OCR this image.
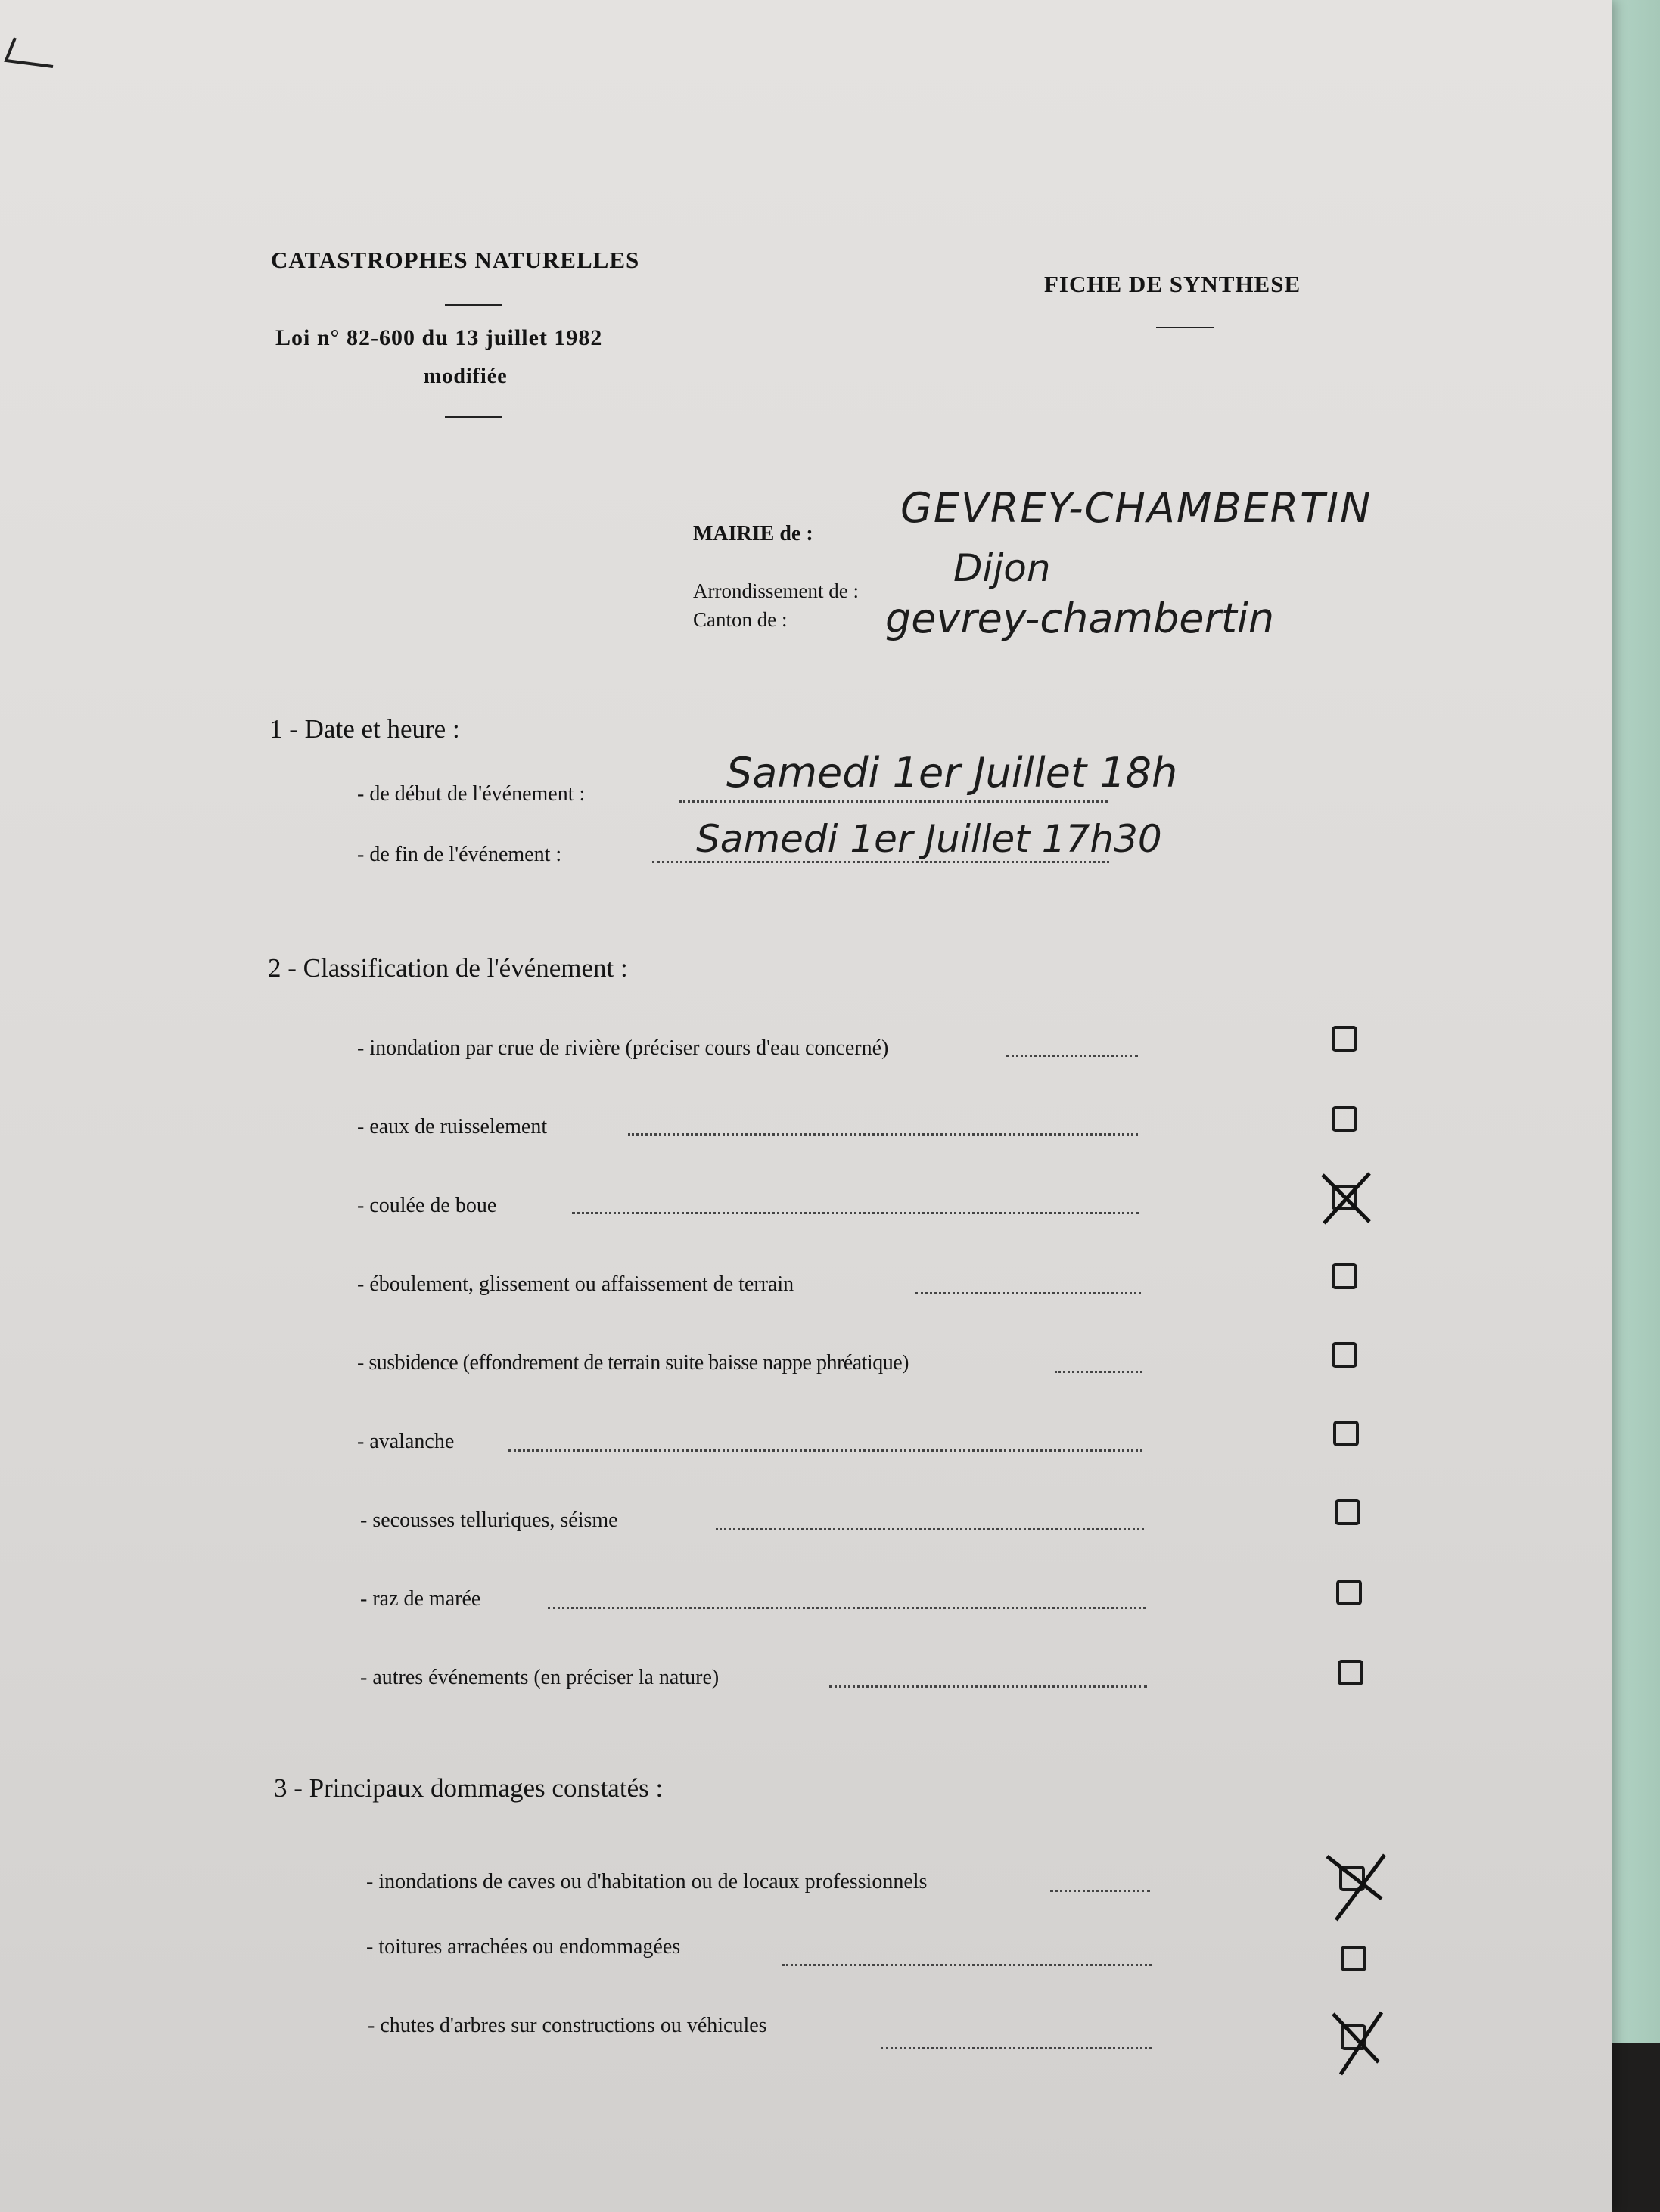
CATASTROPHES NATURELLES
Loi n° 82-600 du 13 juillet 1982
modifiée
FICHE DE SYNTHESE
MAIRIE de :
GEVREY-CHAMBERTIN
Arrondissement de :
Dijon
Canton de : gevrey-chambertin
1 - Date et heure :
- de début de l'événement :	Samedi 1er Juillet 18h
- de fin de l'événement :	Samedi 1er Juillet 17h30
2 - Classification de l'événement :
- inondation par crue de rivière (préciser cours d'eau concerné)
- eaux de ruisselement
- coulée de boue
- éboulement, glissement ou affaissement de terrain
- susbidence (effondrement de terrain suite baisse nappe phréatique)
- avalanche
- secousses telluriques, séisme
- raz de marée
- autres événements (en préciser la nature)
3 - Principaux dommages constatés :
- inondations de caves ou d'habitation ou de locaux professionnels
- toitures arrachées ou endommagées
- chutes d'arbres sur constructions ou véhicules
